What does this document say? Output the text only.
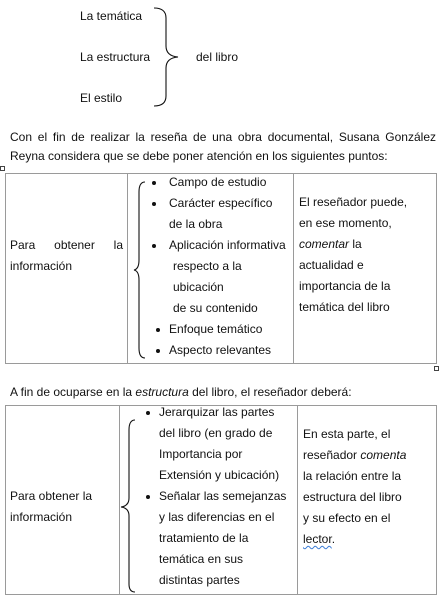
La temática
La estructura
El estilo
del libro
Con el fin de realizar la reseña de una obra documental, Susana González
Reyna considera que se debe poner atención en los siguientes puntos:
Para obtener la
información
Campo de estudio
Carácter específico
de la obra
Aplicación informativa
respecto a la
ubicación
de su contenido
Enfoque temático
Aspecto relevantes
El reseñador puede,
en ese momento,
comentar la
actualidad e
importancia de la
temática del libro
A fin de ocuparse en la estructura del libro, el reseñador deberá:
Para obtener la
información
Jerarquizar las partes
del libro (en grado de
Importancia por
Extensión y ubicación)
Señalar las semejanzas
y las diferencias en el
tratamiento de la
temática en sus
distintas partes
En esta parte, el
reseñador comenta
la relación entre la
estructura del libro
y su efecto en el
lector.
